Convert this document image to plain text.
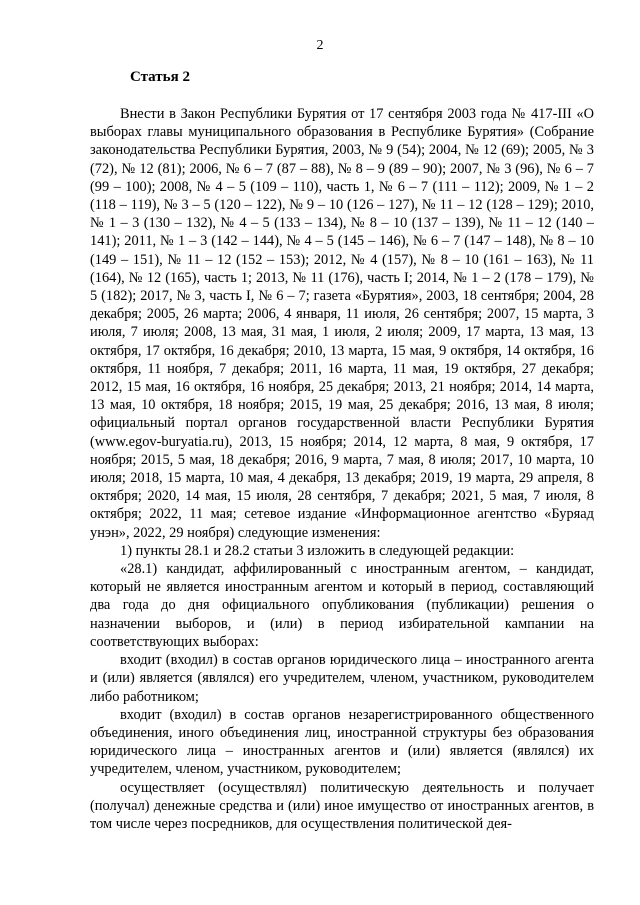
2
Статья 2

Внести в Закон Республики Бурятия от 17 сентября 2003 года № 417-III «О выборах главы муниципального образования в Республике Бурятия» (Собрание законодательства Республики Бурятия, 2003, № 9 (54); 2004, № 12 (69); 2005, № 3 (72), № 12 (81); 2006, № 6 – 7 (87 – 88), № 8 – 9 (89 – 90); 2007, № 3 (96), № 6 – 7 (99 – 100); 2008, № 4 – 5 (109 – 110), часть 1, № 6 – 7 (111 – 112); 2009, № 1 – 2 (118 – 119), № 3 – 5 (120 – 122), № 9 – 10 (126 – 127), № 11 – 12 (128 – 129); 2010, № 1 – 3 (130 – 132), № 4 – 5 (133 – 134), № 8 – 10 (137 – 139), № 11 – 12 (140 – 141); 2011, № 1 – 3 (142 – 144), № 4 – 5 (145 – 146), № 6 – 7 (147 – 148), № 8 – 10 (149 – 151), № 11 – 12 (152 – 153); 2012, № 4 (157), № 8 – 10 (161 – 163), № 11 (164), № 12 (165), часть 1; 2013, № 11 (176), часть I; 2014, № 1 – 2 (178 – 179), № 5 (182); 2017, № 3, часть I, № 6 – 7; газета «Бурятия», 2003, 18 сентября; 2004, 28 декабря; 2005, 26 марта; 2006, 4 января, 11 июля, 26 сентября; 2007, 15 марта, 3 июля, 7 июля; 2008, 13 мая, 31 мая, 1 июля, 2 июля; 2009, 17 марта, 13 мая, 13 октября, 17 октября, 16 декабря; 2010, 13 марта, 15 мая, 9 октября, 14 октября, 16 октября, 11 ноября, 7 декабря; 2011, 16 марта, 11 мая, 19 октября, 27 декабря; 2012, 15 мая, 16 октября, 16 ноября, 25 декабря; 2013, 21 ноября; 2014, 14 марта, 13 мая, 10 октября, 18 ноября; 2015, 19 мая, 25 декабря; 2016, 13 мая, 8 июля; официальный портал органов государственной власти Республики Бурятия (www.egov-buryatia.ru), 2013, 15 ноября; 2014, 12 марта, 8 мая, 9 октября, 17 ноября; 2015, 5 мая, 18 декабря; 2016, 9 марта, 7 мая, 8 июля; 2017, 10 марта, 10 июля; 2018, 15 марта, 10 мая, 4 декабря, 13 декабря; 2019, 19 марта, 29 апреля, 8 октября; 2020, 14 мая, 15 июля, 28 сентября, 7 декабря; 2021, 5 мая, 7 июля, 8 октября; 2022, 11 мая; сетевое издание «Информационное агентство «Буряад унэн», 2022, 29 ноября) следующие изменения:

1) пункты 28.1 и 28.2 статьи 3 изложить в следующей редакции:

«28.1) кандидат, аффилированный с иностранным агентом, – кандидат, который не является иностранным агентом и который в период, составляющий два года до дня официального опубликования (публикации) решения о назначении выборов, и (или) в период избирательной кампании на соответствующих выборах:

входит (входил) в состав органов юридического лица – иностранного агента и (или) является (являлся) его учредителем, членом, участником, руководителем либо работником;

входит (входил) в состав органов незарегистрированного общественного объединения, иного объединения лиц, иностранной структуры без образования юридического лица – иностранных агентов и (или) является (являлся) их учредителем, членом, участником, руководителем;

осуществляет (осуществлял) политическую деятельность и получает (получал) денежные средства и (или) иное имущество от иностранных агентов, в том числе через посредников, для осуществления политической дея-
